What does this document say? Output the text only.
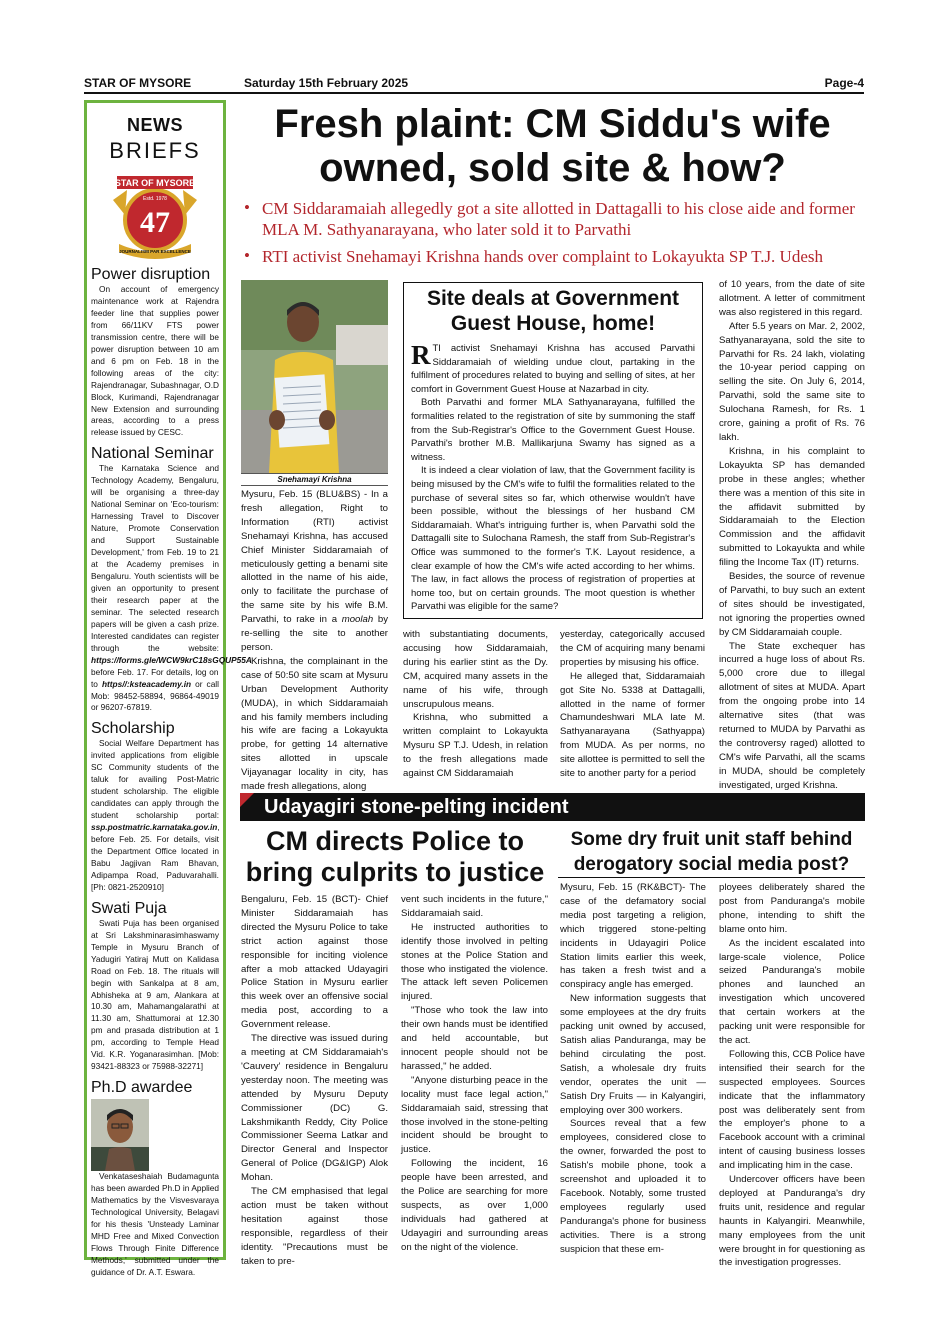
STAR OF MYSORE	Saturday 15th February 2025	Page-4
NEWS
BRIEFS
STAR OF MYSORE
Estd. 1978
47
JOURNALISM PAR EXCELLENCE
Power disruption

On account of emergency maintenance work at Rajendra feeder line that supplies power from 66/11KV FTS power transmission centre, there will be power disruption between 10 am and 6 pm on Feb. 18 in the following areas of the city: Rajendranagar, Subashnagar, O.D Block, Kurimandi, Rajendranagar New Extension and surrounding areas, according to a press release issued by CESC.

National Seminar

The Karnataka Science and Technology Academy, Bengaluru, will be organising a three-day National Seminar on 'Eco-tourism: Harnessing Travel to Discover Nature, Promote Conservation and Support Sustainable Development,' from Feb. 19 to 21 at the Academy premises in Bengaluru. Youth scientists will be given an opportunity to present their research paper at the seminar. The selected research papers will be given a cash prize. Interested candidates can register through the website: https://forms.gle/WCW9krC18sGQUP55A before Feb. 17. For details, log on to https//:ksteacademy.in or call Mob: 98452-58894, 96864-49019 or 96207-67819.

Scholarship

Social Welfare Department has invited applications from eligible SC Community students of the taluk for availing Post-Matric student scholarship. The eligible candidates can apply through the student scholarship portal: ssp.postmatric.karnataka.gov.in, before Feb. 25. For details, visit the Department Office located in Babu Jagjivan Ram Bhavan, Adipampa Road, Paduvarahalli. [Ph: 0821-2520910]

Swati Puja

Swati Puja has been organised at Sri Lakshminarasimhaswamy Temple in Mysuru Branch of Yadugiri Yatiraj Mutt on Kalidasa Road on Feb. 18. The rituals will begin with Sankalpa at 8 am, Abhisheka at 9 am, Alankara at 10.30 am, Mahamangalarathi at 11.30 am, Shattumorai at 12.30 pm and prasada distribution at 1 pm, according to Temple Head Vid. K.R. Yoganarasimhan. [Mob: 93421-88323 or 75988-32271]

Ph.D awardee

Venkataseshaiah Budamagunta has been awarded Ph.D in Applied Mathematics by the Visvesvaraya Technological University, Belagavi for his thesis 'Unsteady Laminar MHD Free and Mixed Convection Flows Through Finite Difference Methods,' submitted under the guidance of Dr. A.T. Eswara.

Fresh plaint: CM Siddu's wife
owned, sold site & how?
• CM Siddaramaiah allegedly got a site allotted in Dattagalli to his close aide and former MLA M. Sathyanarayana, who later sold it to Parvathi
• RTI activist Snehamayi Krishna hands over complaint to Lokayukta SP T.J. Udesh
Snehamayi Krishna

Mysuru, Feb. 15 (BLU&BS) - In a fresh allegation, Right to Information (RTI) activist Snehamayi Krishna, has accused Chief Minister Siddaramaiah of meticulously getting a benami site allotted in the name of his aide, only to facilitate the purchase of the same site by his wife B.M. Parvathi, to rake in a moolah by re-selling the site to another person.

Krishna, the complainant in the case of 50:50 site scam at Mysuru Urban Development Authority (MUDA), in which Siddaramaiah and his family members including his wife are facing a Lokayukta probe, for getting 14 alternative sites allotted in upscale Vijayanagar locality in city, has made fresh allegations, along

with substantiating documents, accusing how Siddaramaiah, during his earlier stint as the Dy. CM, acquired many assets in the name of his wife, through unscrupulous means.

Krishna, who submitted a written complaint to Lokayukta Mysuru SP T.J. Udesh, in relation to the fresh allegations made against CM Siddaramaiah

yesterday, categorically accused the CM of acquiring many benami properties by misusing his office.

He alleged that, Siddaramaiah got Site No. 5338 at Dattagalli, allotted in the name of former Chamundeshwari MLA late M. Sathyanarayana (Sathyappa) from MUDA. As per norms, no site allottee is permitted to sell the site to another party for a period

of 10 years, from the date of site allotment. A letter of commitment was also registered in this regard.

After 5.5 years on Mar. 2, 2002, Sathyanarayana, sold the site to Parvathi for Rs. 24 lakh, violating the 10-year period capping on selling the site. On July 6, 2014, Parvathi, sold the same site to Sulochana Ramesh, for Rs. 1 crore, gaining a profit of Rs. 76 lakh.

Krishna, in his complaint to Lokayukta SP has demanded probe in these angles; whether there was a mention of this site in the affidavit submitted by Siddaramaiah to the Election Commission and the affidavit submitted to Lokayukta and while filing the Income Tax (IT) returns.

Besides, the source of revenue of Parvathi, to buy such an extent of sites should be investigated, not ignoring the properties owned by CM Siddaramaiah couple.

The State exchequer has incurred a huge loss of about Rs. 5,000 crore due to illegal allotment of sites at MUDA. Apart from the ongoing probe into 14 alternative sites (that was returned to MUDA by Parvathi as the controversy raged) allotted to CM's wife Parvathi, all the scams in MUDA, should be completely investigated, urged Krishna.

Site deals at Government
Guest House, home!

RTI activist Snehamayi Krishna has accused Parvathi Siddaramaiah of wielding undue clout, partaking in the fulfilment of procedures related to buying and selling of sites, at her comfort in Government Guest House at Nazarbad in city.

Both Parvathi and former MLA Sathyanarayana, fulfilled the formalities related to the registration of site by summoning the staff from the Sub-Registrar's Office to the Government Guest House. Parvathi's brother M.B. Mallikarjuna Swamy has signed as a witness.

It is indeed a clear violation of law, that the Government facility is being misused by the CM's wife to fulfil the formalities related to the purchase of several sites so far, which otherwise wouldn't have been possible, without the blessings of her husband CM Siddaramaiah. What's intriguing further is, when Parvathi sold the Dattagalli site to Sulochana Ramesh, the staff from Sub-Registrar's Office was summoned to the former's T.K. Layout residence, a clear example of how the CM's wife acted according to her whims. The law, in fact allows the process of registration of properties at home too, but on certain grounds. The moot question is whether Parvathi was eligible for the same?

Udayagiri stone-pelting incident
CM directs Police to
bring culprits to justice

Bengaluru, Feb. 15 (BCT)- Chief Minister Siddaramaiah has directed the Mysuru Police to take strict action against those responsible for inciting violence after a mob attacked Udayagiri Police Station in Mysuru earlier this week over an offensive social media post, according to a Government release.

The directive was issued during a meeting at CM Siddaramaiah's 'Cauvery' residence in Bengaluru yesterday noon. The meeting was attended by Mysuru Deputy Commissioner (DC) G. Lakshmikanth Reddy, City Police Commissioner Seema Latkar and Director General and Inspector General of Police (DG&IGP) Alok Mohan.

The CM emphasised that legal action must be taken without hesitation against those responsible, regardless of their identity. "Precautions must be taken to pre-

vent such incidents in the future," Siddaramaiah said.

He instructed authorities to identify those involved in pelting stones at the Police Station and those who instigated the violence. The attack left seven Policemen injured.

"Those who took the law into their own hands must be identified and held accountable, but innocent people should not be harassed," he added.

"Anyone disturbing peace in the locality must face legal action," Siddaramaiah said, stressing that those involved in the stone-pelting incident should be brought to justice.

Following the incident, 16 people have been arrested, and the Police are searching for more suspects, as over 1,000 individuals had gathered at Udayagiri and surrounding areas on the night of the violence.

Some dry fruit unit staff behind
derogatory social media post?

Mysuru, Feb. 15 (RK&BCT)- The case of the defamatory social media post targeting a religion, which triggered stone-pelting incidents in Udayagiri Police Station limits earlier this week, has taken a fresh twist and a conspiracy angle has emerged.

New information suggests that some employees at the dry fruits packing unit owned by accused, Satish alias Panduranga, may be behind circulating the post. Satish, a wholesale dry fruits vendor, operates the unit — Satish Dry Fruits — in Kalyangiri, employing over 300 workers.

Sources reveal that a few employees, considered close to the owner, forwarded the post to Satish's mobile phone, took a screenshot and uploaded it to Facebook. Notably, some trusted employees regularly used Panduranga's phone for business activities. There is a strong suspicion that these em-

ployees deliberately shared the post from Panduranga's mobile phone, intending to shift the blame onto him.

As the incident escalated into large-scale violence, Police seized Panduranga's mobile phones and launched an investigation which uncovered that certain workers at the packing unit were responsible for the act.

Following this, CCB Police have intensified their search for the suspected employees. Sources indicate that the inflammatory post was deliberately sent from the employer's phone to a Facebook account with a criminal intent of causing business losses and implicating him in the case.

Undercover officers have been deployed at Panduranga's dry fruits unit, residence and regular haunts in Kalyangiri. Meanwhile, many employees from the unit were brought in for questioning as the investigation progresses.
